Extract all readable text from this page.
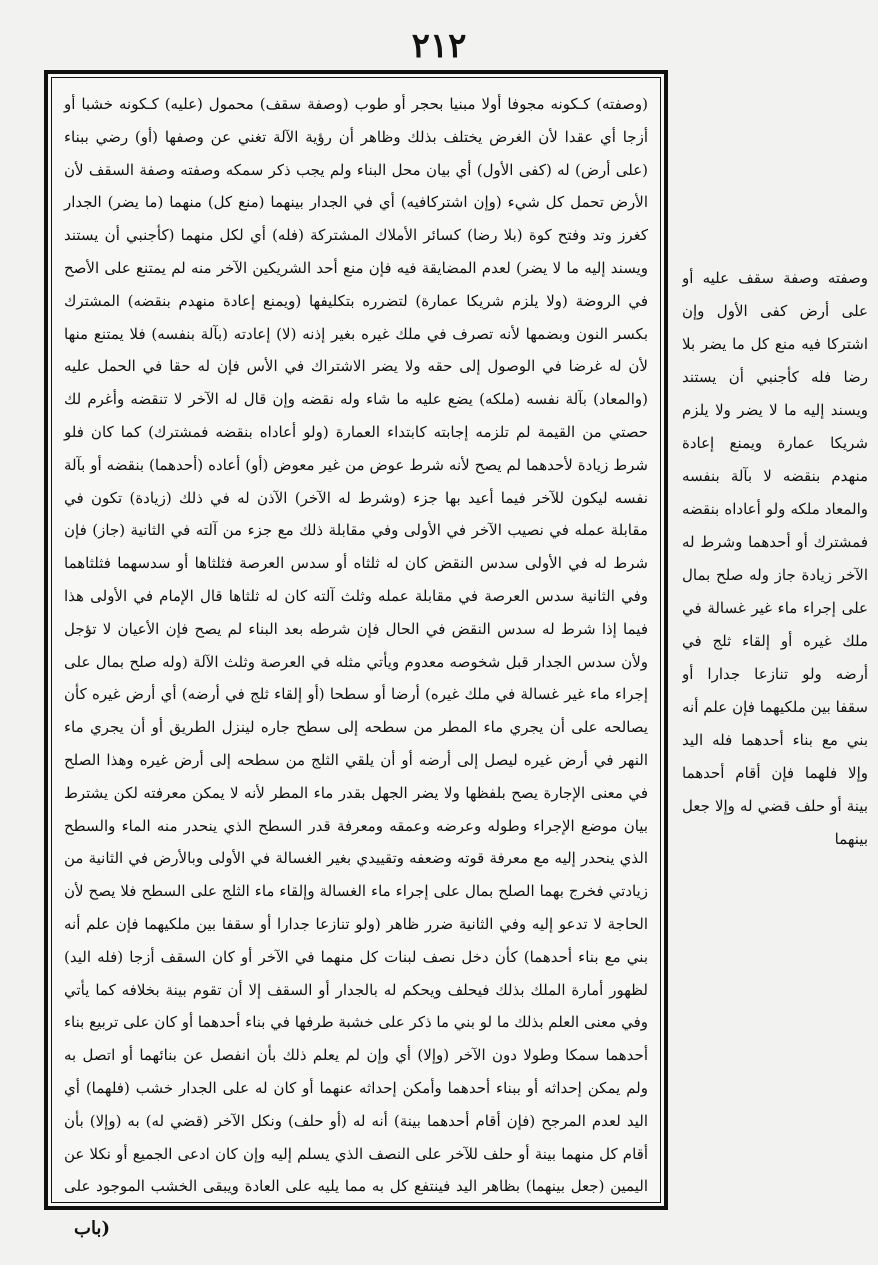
٢١٢

(وصفته) كـكونه مجوفا أولا مبنيا بحجر أو طوب (وصفة سقف) محمول (عليه) كـكونه خشبا أو أزجا أي عقدا لأن الغرض يختلف بذلك وظاهر أن رؤية الآلة تغني عن وصفها (أو) رضي ببناء (على أرض) له (كفى الأول) أي بيان محل البناء ولم يجب ذكر سمكه وصفته وصفة السقف لأن الأرض تحمل كل شيء (وإن اشتركافيه) أي في الجدار بينهما (منع كل) منهما (ما يضر) الجدار كغرز وتد وفتح كوة (بلا رضا) كسائر الأملاك المشتركة (فله) أي لكل منهما (كأجنبي أن يستند ويسند إليه ما لا يضر) لعدم المضايقة فيه فإن منع أحد الشريكين الآخر منه لم يمتنع على الأصح في الروضة (ولا يلزم شريكا عمارة) لتضرره بتكليفها (ويمنع إعادة منهدم بنقضه) المشترك بكسر النون وبضمها لأنه تصرف في ملك غيره بغير إذنه (لا) إعادته (بآلة بنفسه) فلا يمتنع منها لأن له غرضا في الوصول إلى حقه ولا يضر الاشتراك في الأس فإن له حقا في الحمل عليه (والمعاد) بآلة نفسه (ملكه) يضع عليه ما شاء وله نقضه وإن قال له الآخر لا تنقضه وأغرم لك حصتي من القيمة لم تلزمه إجابته كابتداء العمارة (ولو أعاداه بنقضه فمشترك) كما كان فلو شرط زيادة لأحدهما لم يصح لأنه شرط عوض من غير معوض (أو) أعاده (أحدهما) بنقضه أو بآلة نفسه ليكون للآخر فيما أعيد بها جزء (وشرط له الآخر) الآذن له في ذلك (زيادة) تكون في مقابلة عمله في نصيب الآخر في الأولى وفي مقابلة ذلك مع جزء من آلته في الثانية (جاز) فإن شرط له في الأولى سدس النقض كان له ثلثاه أو سدس العرصة فثلثاها أو سدسهما فثلثاهما وفي الثانية سدس العرصة في مقابلة عمله وثلث آلته كان له ثلثاها قال الإمام في الأولى هذا فيما إذا شرط له سدس النقض في الحال فإن شرطه بعد البناء لم يصح فإن الأعيان لا تؤجل ولأن سدس الجدار قبل شخوصه معدوم ويأتي مثله في العرصة وثلث الآلة (وله صلح بمال على إجراء ماء غير غسالة في ملك غيره) أرضا أو سطحا (أو إلقاء ثلج في أرضه) أي أرض غيره كأن يصالحه على أن يجري ماء المطر من سطحه إلى سطح جاره لينزل الطريق أو أن يجري ماء النهر في أرض غيره ليصل إلى أرضه أو أن يلقي الثلج من سطحه إلى أرض غيره وهذا الصلح في معنى الإجارة يصح بلفظها ولا يضر الجهل بقدر ماء المطر لأنه لا يمكن معرفته لكن يشترط بيان موضع الإجراء وطوله وعرضه وعمقه ومعرفة قدر السطح الذي ينحدر منه الماء والسطح الذي ينحدر إليه مع معرفة قوته وضعفه وتقييدي بغير الغسالة في الأولى وبالأرض في الثانية من زيادتي فخرج بهما الصلح بمال على إجراء ماء الغسالة وإلقاء ماء الثلج على السطح فلا يصح لأن الحاجة لا تدعو إليه وفي الثانية ضرر ظاهر (ولو تنازعا جدارا أو سقفا بين ملكيهما فإن علم أنه بني مع بناء أحدهما) كأن دخل نصف لبنات كل منهما في الآخر أو كان السقف أزجا (فله اليد) لظهور أمارة الملك بذلك فيحلف ويحكم له بالجدار أو السقف إلا أن تقوم بينة بخلافه كما يأتي وفي معنى العلم بذلك ما لو بني ما ذكر على خشبة طرفها في بناء أحدهما أو كان على تربيع بناء أحدهما سمكا وطولا دون الآخر (وإلا) أي وإن لم يعلم ذلك بأن انفصل عن بنائهما أو اتصل به ولم يمكن إحداثه أو ببناء أحدهما وأمكن إحداثه عنهما أو كان له على الجدار خشب (فلهما) أي اليد لعدم المرجح (فإن أقام أحدهما بينة) أنه له (أو حلف) ونكل الآخر (قضي له) به (وإلا) بأن أقام كل منهما بينة أو حلف للآخر على النصف الذي يسلم إليه وإن كان ادعى الجميع أو نكلا عن اليمين (جعل بينهما) بظاهر اليد فينتفع كل به مما يليه على العادة ويبقى الخشب الموجود على

وصفته وصفة سقف عليه أو على أرض كفى الأول وإن اشتركا فيه منع كل ما يضر بلا رضا فله كأجنبي أن يستند ويسند إليه ما لا يضر ولا يلزم شريكا عمارة ويمنع إعادة منهدم بنقضه لا بآلة بنفسه والمعاد ملكه ولو أعاداه بنقضه فمشترك أو أحدهما وشرط له الآخر زيادة جاز وله صلح بمال على إجراء ماء غير غسالة في ملك غيره أو إلقاء ثلج في أرضه ولو تنازعا جدارا أو سقفا بين ملكيهما فإن علم أنه بني مع بناء أحدهما فله اليد وإلا فلهما فإن أقام أحدهما بينة أو حلف قضي له وإلا جعل بينهما

(باب
